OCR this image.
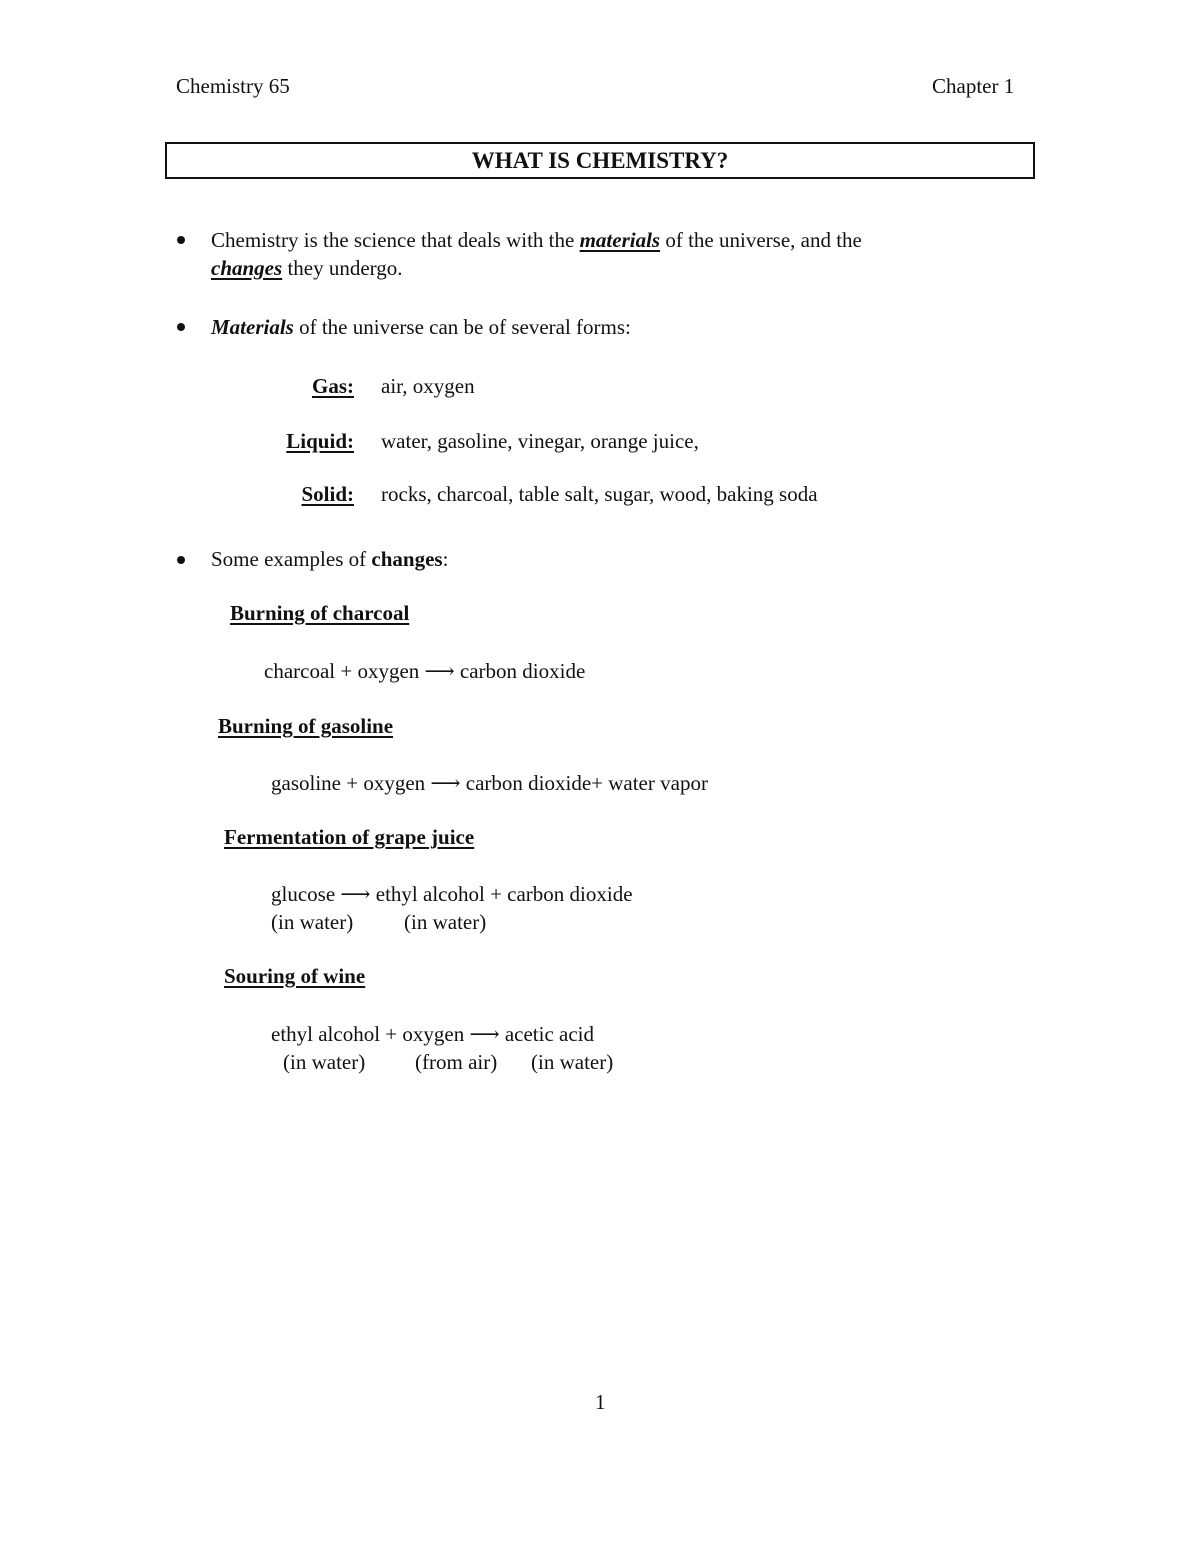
Chemistry 65	Chapter 1
WHAT IS CHEMISTRY?
Chemistry is the science that deals with the materials of the universe, and the
changes they undergo.
Materials of the universe can be of several forms:
Gas: air, oxygen
Liquid: water, gasoline, vinegar, orange juice,
Solid: rocks, charcoal, table salt, sugar, wood, baking soda
Some examples of changes:
Burning of charcoal
charcoal + oxygen ⟶ carbon dioxide
Burning of gasoline
gasoline + oxygen ⟶ carbon dioxide+ water vapor
Fermentation of grape juice
glucose ⟶ ethyl alcohol + carbon dioxide
(in water) (in water)
Souring of wine
ethyl alcohol + oxygen ⟶ acetic acid
(in water) (from air) (in water)
1
